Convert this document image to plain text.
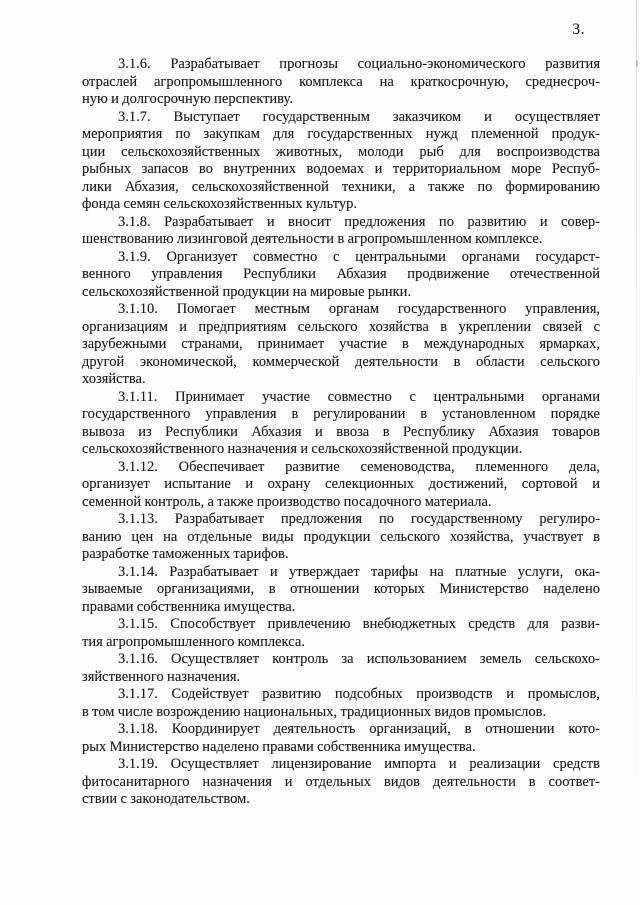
3.
3.1.6. Разрабатывает прогнозы социально-экономического развития
отраслей агропромышленного комплекса на краткосрочную, среднесроч-
ную и долгосрочную перспективу.
3.1.7. Выступает государственным заказчиком и осуществляет
мероприятия по закупкам для государственных нужд племенной продук-
ции сельскохозяйственных животных, молоди рыб для воспроизводства
рыбных запасов во внутренних водоемах и территориальном море Респуб-
лики Абхазия, сельскохозяйственной техники, а также по формированию
фонда семян сельскохозяйственных культур.
3.1.8. Разрабатывает и вносит предложения по развитию и совер-
шенствованию лизинговой деятельности в агропромышленном комплексе.
3.1.9. Организует совместно с центральными органами государст-
венного управления Республики Абхазия продвижение отечественной
сельскохозяйственной продукции на мировые рынки.
3.1.10. Помогает местным органам государственного управления,
организациям и предприятиям сельского хозяйства в укреплении связей с
зарубежными странами, принимает участие в международных ярмарках,
другой экономической, коммерческой деятельности в области сельского
хозяйства.
3.1.11. Принимает участие совместно с центральными органами
государственного управления в регулировании в установленном порядке
вывоза из Республики Абхазия и ввоза в Республику Абхазия товаров
сельскохозяйственного назначения и сельскохозяйственной продукции.
3.1.12. Обеспечивает развитие семеноводства, племенного дела,
организует испытание и охрану селекционных достижений, сортовой и
семенной контроль, а также производство посадочного материала.
3.1.13. Разрабатывает предложения по государственному регулиро-
ванию цен на отдельные виды продукции сельского хозяйства, участвует в
разработке таможенных тарифов.
3.1.14. Разрабатывает и утверждает тарифы на платные услуги, ока-
зываемые организациями, в отношении которых Министерство наделено
правами собственника имущества.
3.1.15. Способствует привлечению внебюджетных средств для разви-
тия агропромышленного комплекса.
3.1.16. Осуществляет контроль за использованием земель сельскохо-
зяйственного назначения.
3.1.17. Содействует развитию подсобных производств и промыслов,
в том числе возрождению национальных, традиционных видов промыслов.
3.1.18. Координирует деятельность организаций, в отношении кото-
рых Министерство наделено правами собственника имущества.
3.1.19. Осуществляет лицензирование импорта и реализации средств
фитосанитарного назначения и отдельных видов деятельности в соответ-
ствии с законодательством.
